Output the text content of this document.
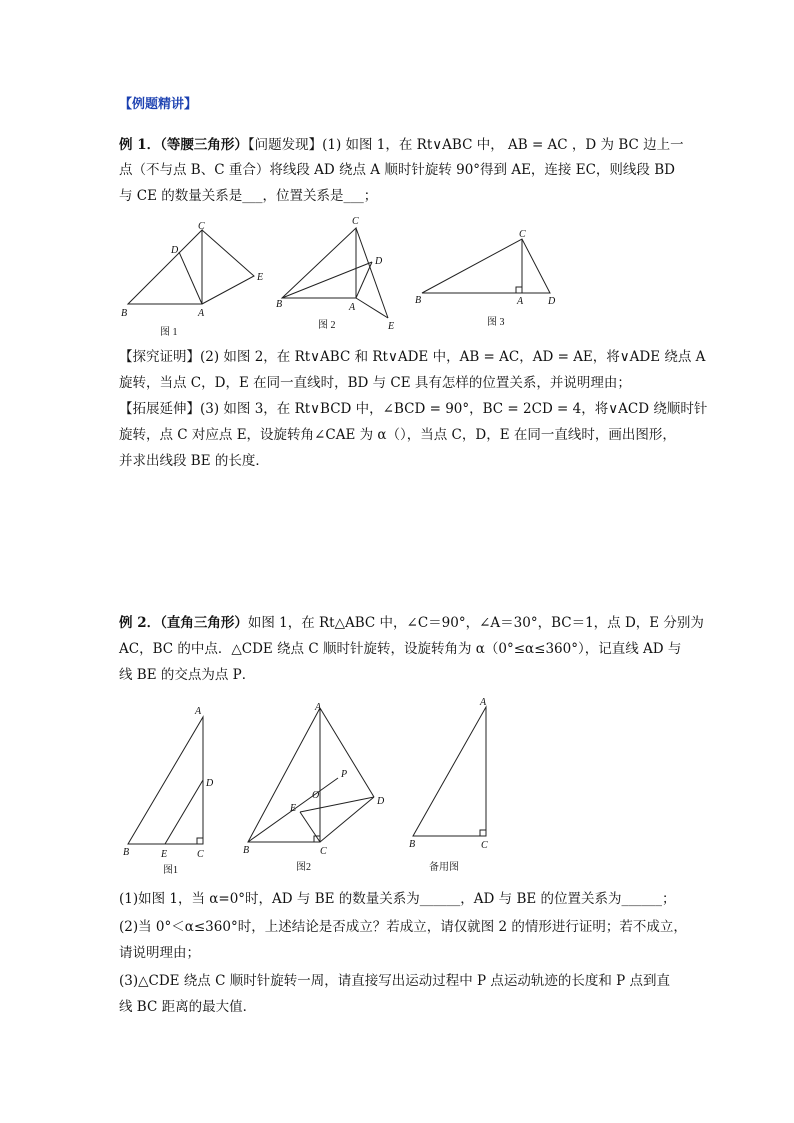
【例题精讲】
例 1．（等腰三角形）【问题发现】(1) 如图 1，在 Rt∨ABC 中， AB = AC ，D 为 BC 边上一
点（不与点 B、C 重合）将线段 AD 绕点 A 顺时针旋转 90°得到 AE，连接 EC，则线段 BD
与 CE 的数量关系是___，位置关系是___；
B	A
C
D
E
图 1
B	A
C
D
E
图 2
B	A
C
D
图 3
【探究证明】(2) 如图 2，在 Rt∨ABC 和 Rt∨ADE 中，AB = AC，AD = AE，将∨ADE 绕点 A
旋转，当点 C，D，E 在同一直线时，BD 与 CE 具有怎样的位置关系，并说明理由；
【拓展延伸】(3) 如图 3，在 Rt∨BCD 中，∠BCD = 90°，BC = 2CD = 4，将∨ACD 绕顺时针
旋转，点 C 对应点 E，设旋转角∠CAE 为 α（），当点 C，D，E 在同一直线时，画出图形，
并求出线段 BE 的长度．
例 2．（直角三角形）如图 1，在 Rt△ABC 中，∠C＝90°，∠A＝30°，BC＝1，点 D，E 分别为
AC，BC 的中点．△CDE 绕点 C 顺时针旋转，设旋转角为 α（0°≤α≤360°），记直线 AD 与
线 BE 的交点为点 P．
A
D
B	E	C
图1
A
P
O
D
E
B	C
图2
A
B	C
备用图
(1)如图 1，当 α=0°时，AD 与 BE 的数量关系为______，AD 与 BE 的位置关系为______；
(2)当 0°＜α≤360°时，上述结论是否成立？若成立，请仅就图 2 的情形进行证明；若不成立，
请说明理由；
(3)△CDE 绕点 C 顺时针旋转一周，请直接写出运动过程中 P 点运动轨迹的长度和 P 点到直
线 BC 距离的最大值．
